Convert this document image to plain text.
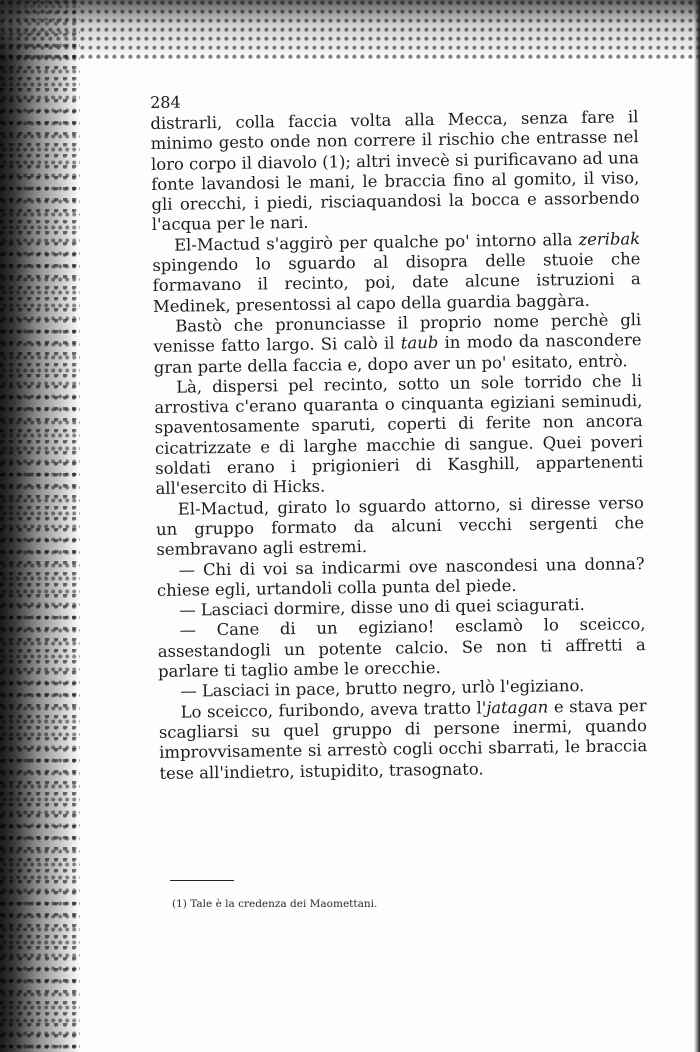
284

distrarli, colla faccia volta alla Mecca, senza fare il minimo gesto onde non correre il rischio che entrasse nel loro corpo il diavolo (1); altri invecè si purificavano ad una fonte lavandosi le mani, le braccia fino al gomito, il viso, gli orecchi, i piedi, risciaquandosi la bocca e assorbendo l'acqua per le nari.

El-Mactud s'aggirò per qualche po' intorno alla zeribak spingendo lo sguardo al disopra delle stuoie che formavano il recinto, poi, date alcune istruzioni a Medinek, presentossi al capo della guardia baggàra.

Bastò che pronunciasse il proprio nome perchè gli venisse fatto largo. Si calò il taub in modo da nascondere gran parte della faccia e, dopo aver un po' esitato, entrò.

Là, dispersi pel recinto, sotto un sole torrido che li arrostiva c'erano quaranta o cinquanta egiziani seminudi, spaventosamente sparuti, coperti di ferite non ancora cicatrizzate e di larghe macchie di sangue. Quei poveri soldati erano i prigionieri di Kasghill, appartenenti all'esercito di Hicks.

El-Mactud, girato lo sguardo attorno, si diresse verso un gruppo formato da alcuni vecchi sergenti che sembravano agli estremi.

— Chi di voi sa indicarmi ove nascondesi una donna? chiese egli, urtandoli colla punta del piede.

— Lasciaci dormire, disse uno di quei sciagurati.

— Cane di un egiziano! esclamò lo sceicco, assestandogli un potente calcio. Se non ti affretti a parlare ti taglio ambe le orecchie.

— Lasciaci in pace, brutto negro, urlò l'egiziano.

Lo sceicco, furibondo, aveva tratto l'jatagan e stava per scagliarsi su quel gruppo di persone inermi, quando improvvisamente si arrestò cogli occhi sbarrati, le braccia tese all'indietro, istupidito, trasognato.

(1) Tale è la credenza dei Maomettani.
